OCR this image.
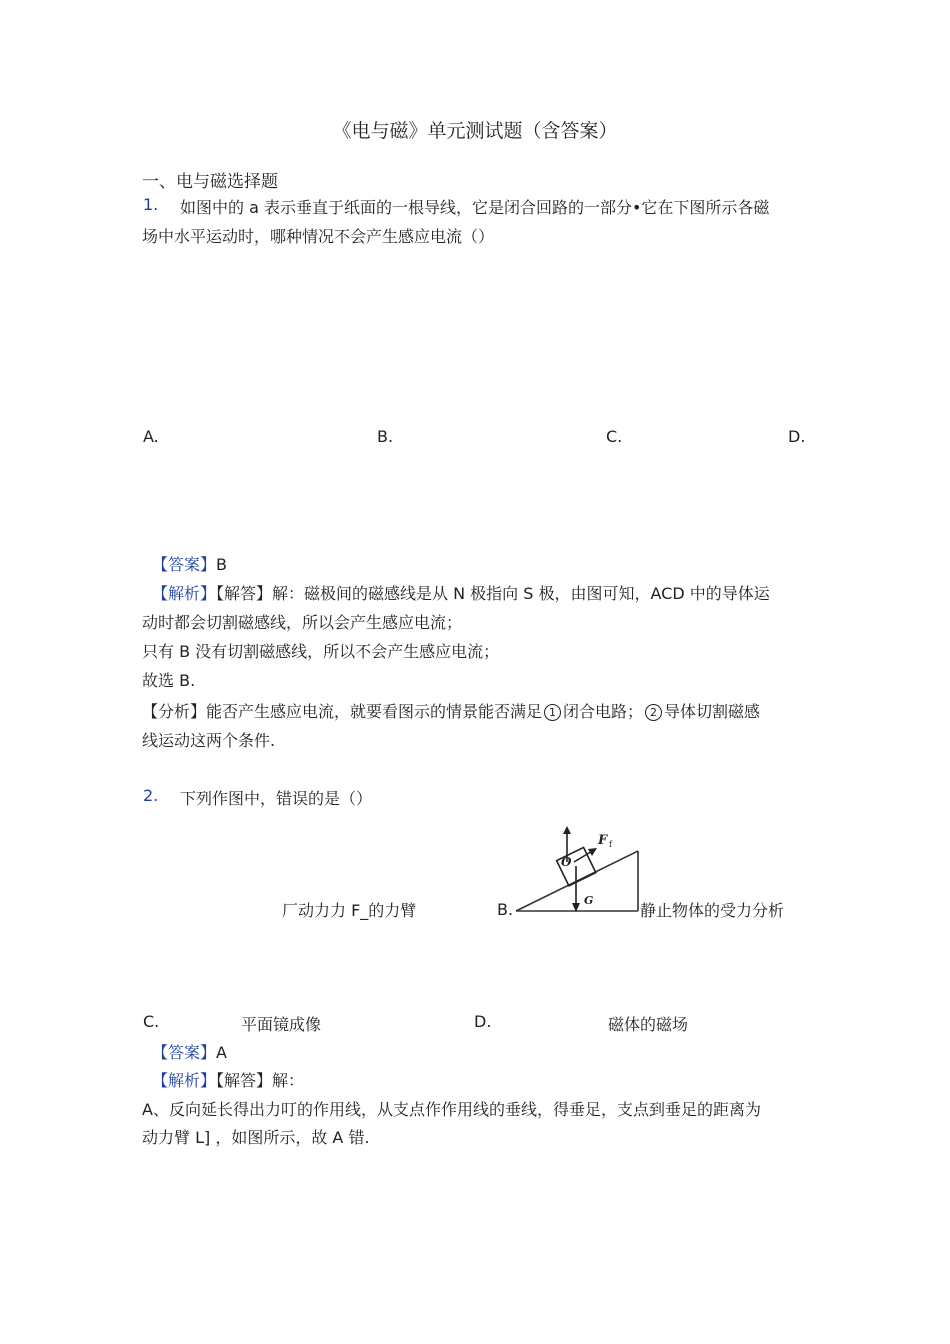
《电与磁》单元测试题（含答案）
一、电与磁选择题
1. 如图中的 a 表示垂直于纸面的一根导线，它是闭合回路的一部分•它在下图所示各磁
场中水平运动时，哪种情况不会产生感应电流（）
A.	B.	C.	D.
【答案】B
【解析】【解答】解：磁极间的磁感线是从 N 极指向 S 极，由图可知，ACD 中的导体运
动时都会切割磁感线，所以会产生感应电流；
只有 B 没有切割磁感线，所以不会产生感应电流；
故选 B.
【分析】能否产生感应电流，就要看图示的情景能否满足 1 闭合电路； 2 导体切割磁感
线运动这两个条件.
2. 下列作图中，错误的是（）
厂动力力 F_的力臂	B.
F f
O
G
静止物体的受力分析
C.	平面镜成像	D.	磁体的磁场
【答案】A
【解析】【解答】解：
A、反向延长得出力叮的作用线，从支点作作用线的垂线，得垂足，支点到垂足的距离为
动力臂 L] ，如图所示，故 A 错.
